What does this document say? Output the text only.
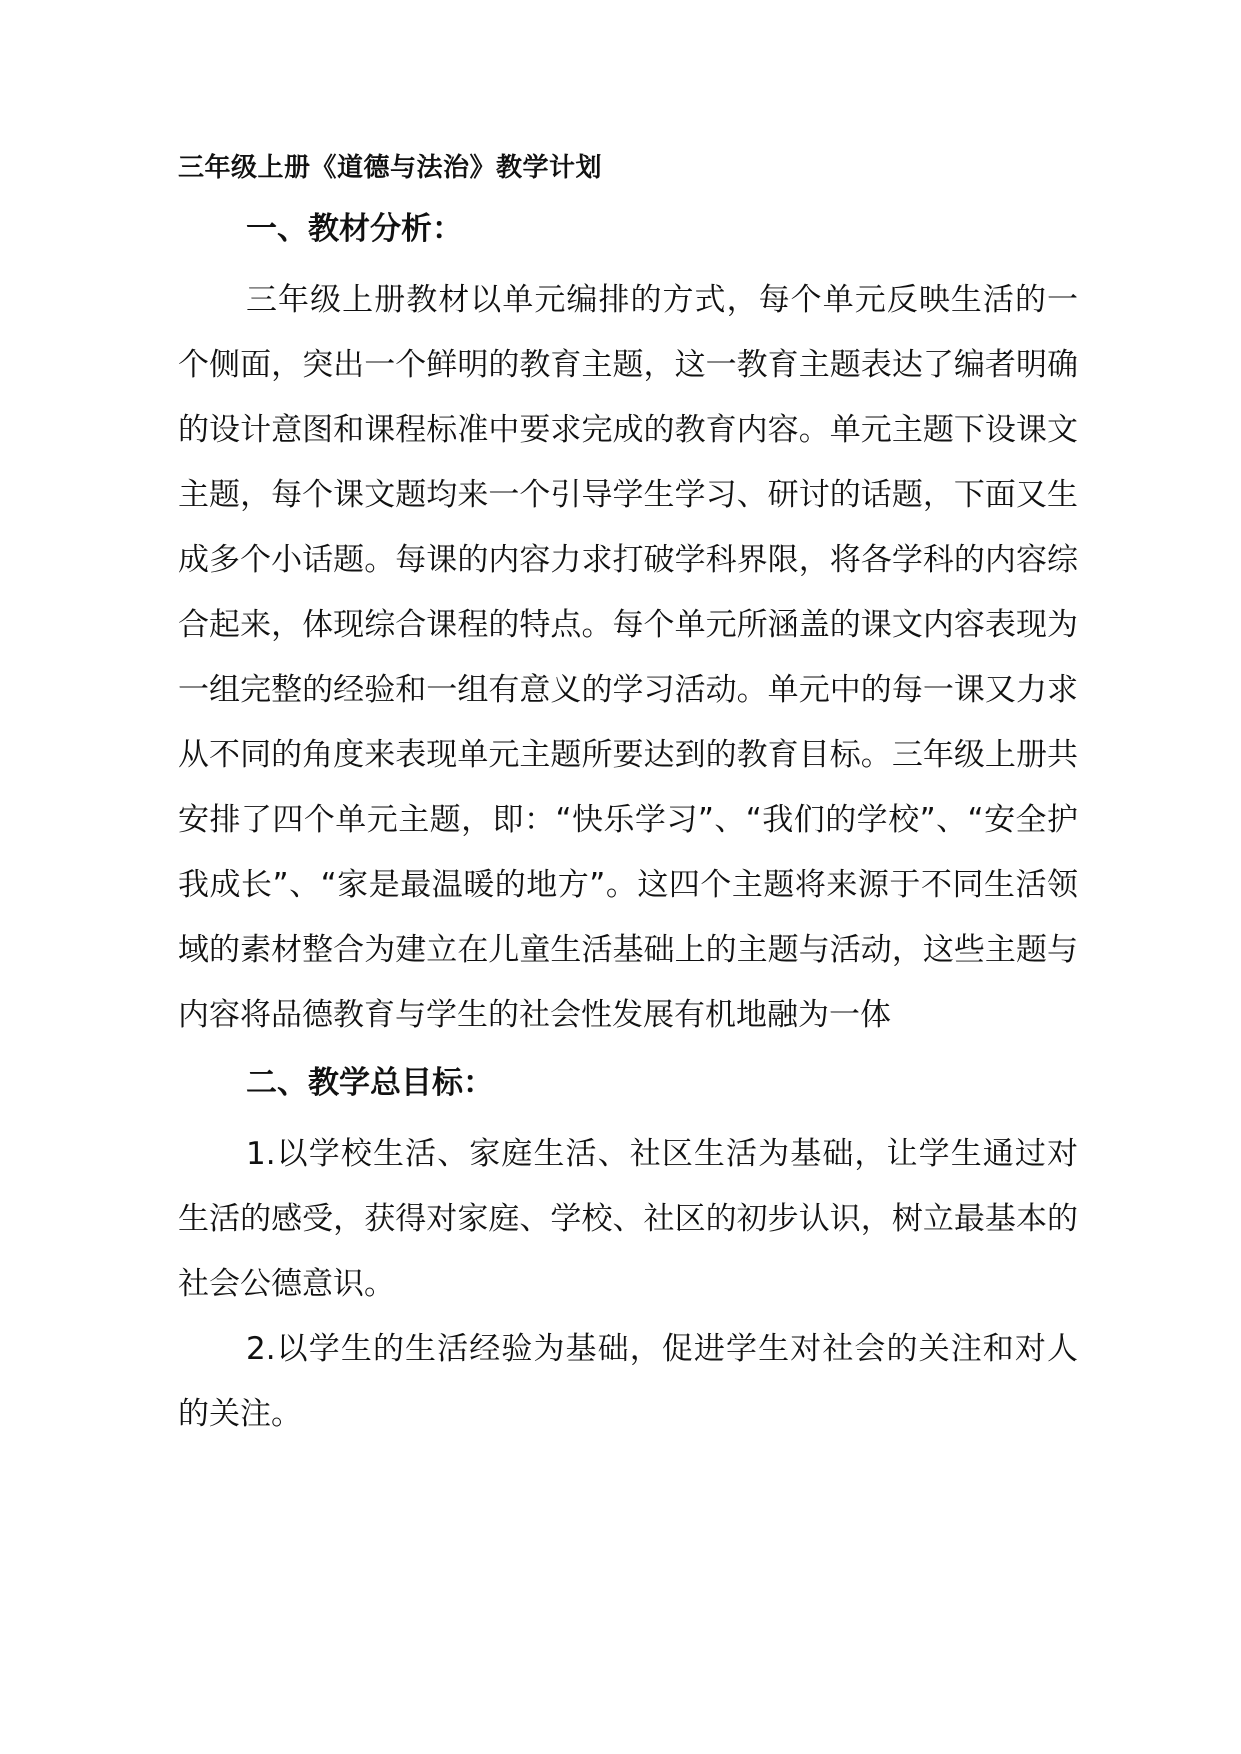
三年级上册《道德与法治》教学计划
一、教材分析：

三年级上册教材以单元编排的方式，每个单元反映生活的一个侧面，突出一个鲜明的教育主题，这一教育主题表达了编者明确的设计意图和课程标准中要求完成的教育内容。单元主题下设课文主题，每个课文题均来一个引导学生学习、研讨的话题，下面又生成多个小话题。每课的内容力求打破学科界限，将各学科的内容综合起来，体现综合课程的特点。每个单元所涵盖的课文内容表现为一组完整的经验和一组有意义的学习活动。单元中的每一课又力求从不同的角度来表现单元主题所要达到的教育目标。三年级上册共安排了四个单元主题，即：“快乐学习”、“我们的学校”、“安全护我成长”、“家是最温暖的地方”。这四个主题将来源于不同生活领域的素材整合为建立在儿童生活基础上的主题与活动，这些主题与内容将品德教育与学生的社会性发展有机地融为一体

二、教学总目标：

1.以学校生活、家庭生活、社区生活为基础，让学生通过对生活的感受，获得对家庭、学校、社区的初步认识，树立最基本的社会公德意识。

2.以学生的生活经验为基础，促进学生对社会的关注和对人的关注。
